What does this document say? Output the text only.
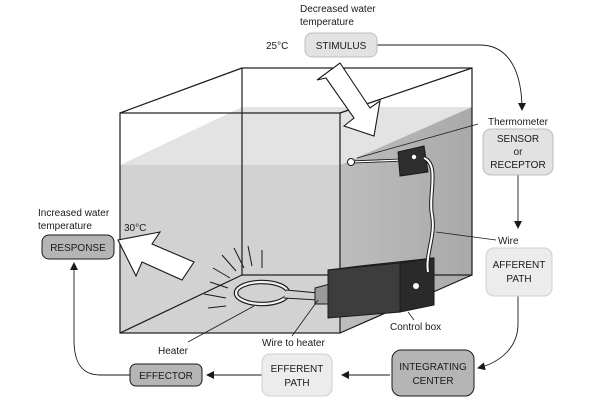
Decreased water
temperature
25°C	STIMULUS
Thermometer
SENSOR
or
RECEPTOR
Wire
AFFERENT
PATH
Control box
Wire to heater
Heater
INTEGRATING
CENTER
EFFERENT
PATH
EFFECTOR
Increased water
temperature
RESPONSE
30°C
